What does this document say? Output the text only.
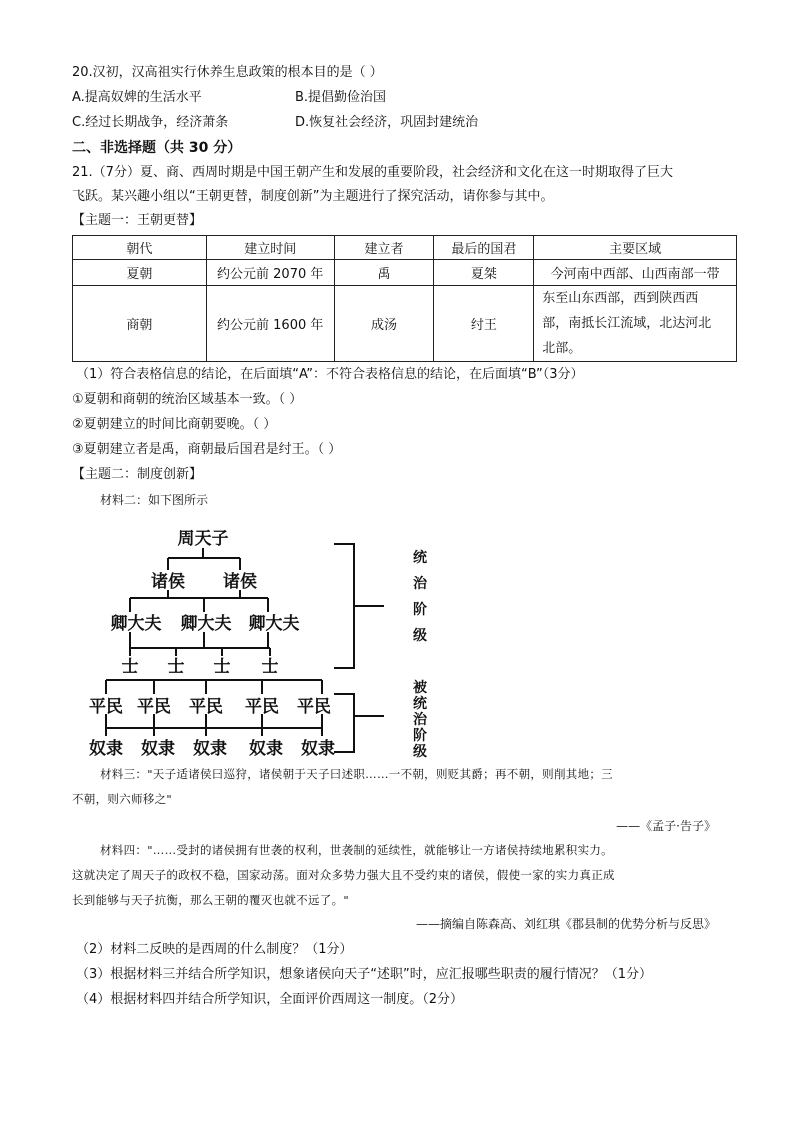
20.汉初，汉高祖实行休养生息政策的根本目的是（ ）
A.提高奴婢的生活水平	B.提倡勤俭治国
C.经过长期战争，经济萧条	D.恢复社会经济，巩固封建统治
二、非选择题（共 30 分）
21.（7分）夏、商、西周时期是中国王朝产生和发展的重要阶段，社会经济和文化在这一时期取得了巨大
飞跃。某兴趣小组以“王朝更替，制度创新”为主题进行了探究活动，请你参与其中。
【主题一：王朝更替】
朝代	建立时间	建立者	最后的国君	主要区域
夏朝	约公元前 2070 年	禹	夏桀	今河南中西部、山西南部一带
商朝	约公元前 1600 年	成汤	纣王	东至山东西部，西到陕西西
部，南抵长江流域，北达河北
北部。
（1）符合表格信息的结论，在后面填“A”：不符合表格信息的结论，在后面填“B”（3分）
①夏朝和商朝的统治区域基本一致。（ ）
②夏朝建立的时间比商朝要晚。（ ）
③夏朝建立者是禹，商朝最后国君是纣王。（ ）
【主题二：制度创新】
材料二：如下图所示
周天子
诸侯 诸侯
卿大夫 卿大夫 卿大夫
士 士 士 士
平民 平民 平民 平民 平民
奴隶 奴隶 奴隶 奴隶 奴隶
统
治
阶
级
被
统
治
阶
级
材料三："天子适诸侯曰巡狩，诸侯朝于天子曰述职……一不朝，则贬其爵；再不朝，则削其地；三
不朝，则六师移之"
——《孟子·告子》
材料四："……受封的诸侯拥有世袭的权利，世袭制的延续性，就能够让一方诸侯持续地累积实力。
这就决定了周天子的政权不稳，国家动荡。面对众多势力强大且不受约束的诸侯，假使一家的实力真正成
长到能够与天子抗衡，那么王朝的覆灭也就不远了。"
——摘编自陈森高、刘红琪《郡县制的优势分析与反思》
（2）材料二反映的是西周的什么制度？（1分）
（3）根据材料三并结合所学知识，想象诸侯向天子“述职”时，应汇报哪些职责的履行情况？（1分）
（4）根据材料四并结合所学知识，全面评价西周这一制度。（2分）
